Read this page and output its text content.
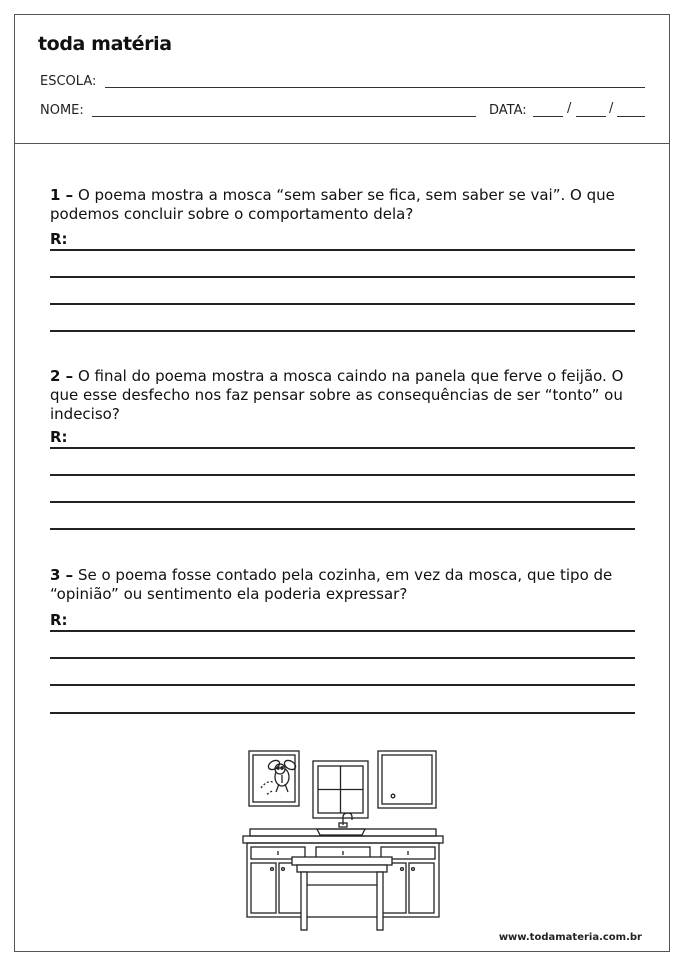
toda matéria
ESCOLA:
NOME:	DATA:	/	/
1 – O poema mostra a mosca “sem saber se fica, sem saber se vai”. O que podemos concluir sobre o comportamento dela?
R:
2 – O final do poema mostra a mosca caindo na panela que ferve o feijão. O que esse desfecho nos faz pensar sobre as consequências de ser “tonto” ou indeciso?
R:
3 – Se o poema fosse contado pela cozinha, em vez da mosca, que tipo de “opinião” ou sentimento ela poderia expressar?
R:
www.todamateria.com.br
